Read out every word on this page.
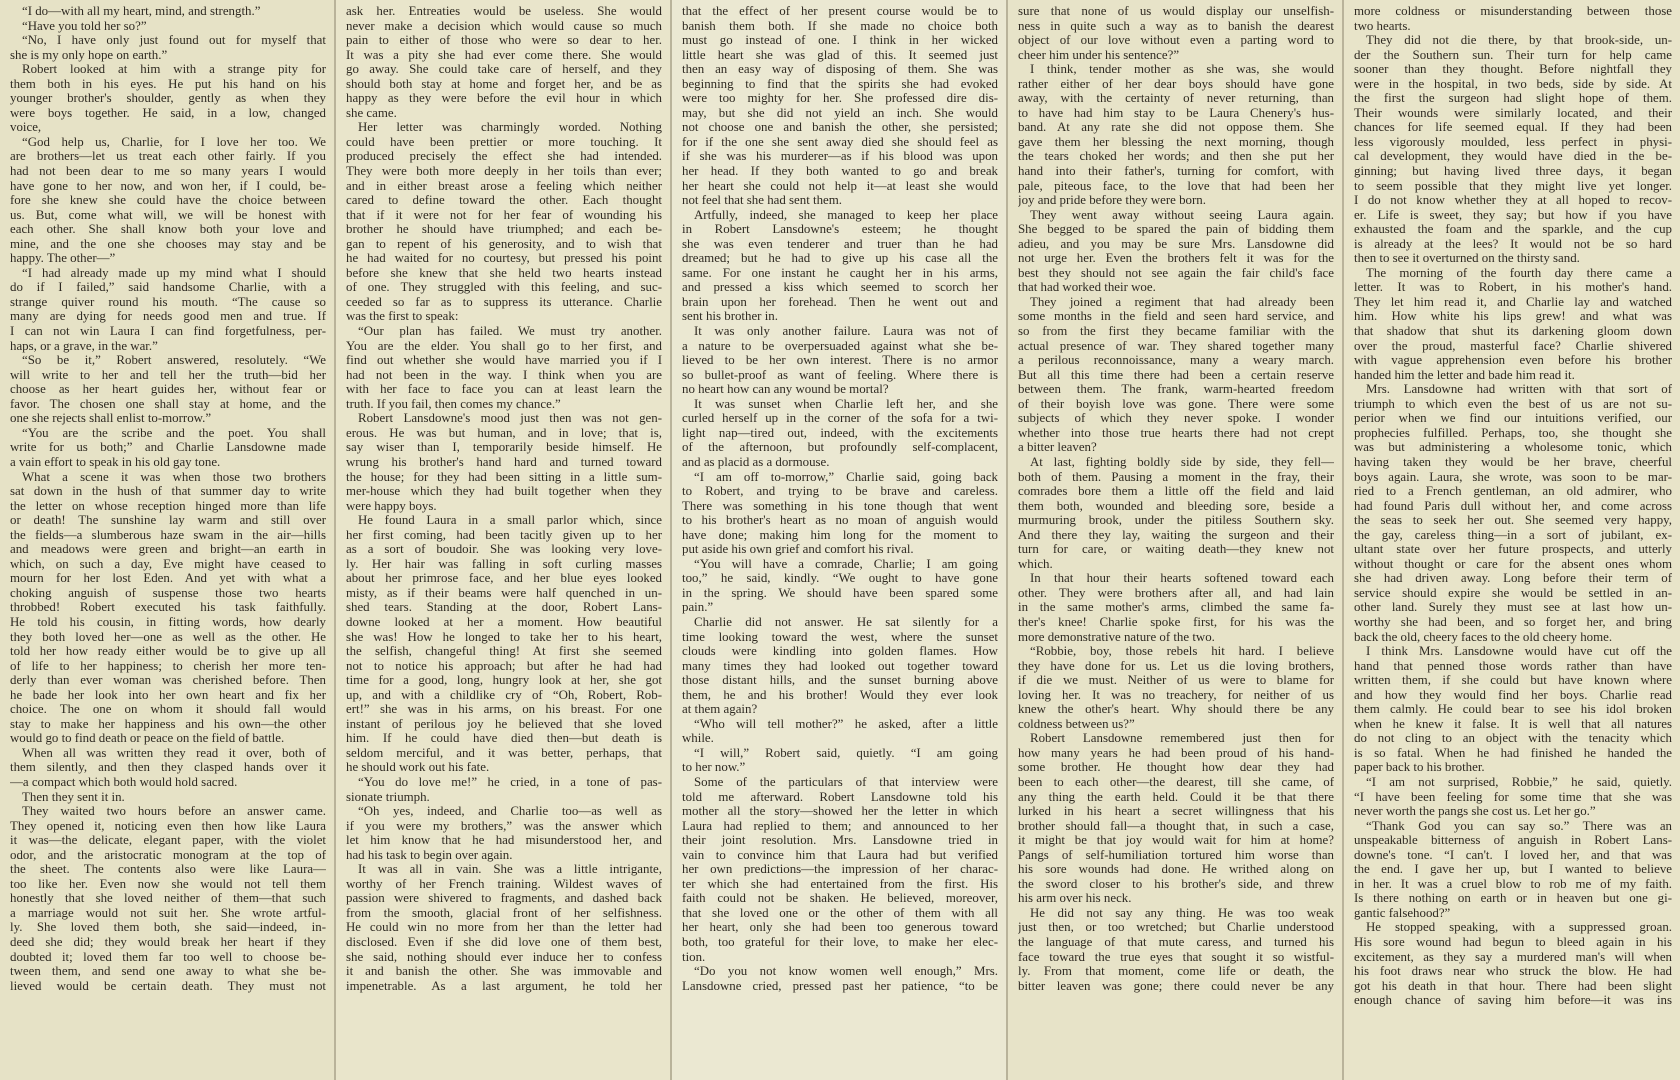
“I do—with all my heart, mind, and strength.”
“Have you told her so?”
“No, I have only just found out for myself that
she is my only hope on earth.”
Robert looked at him with a strange pity for
them both in his eyes. He put his hand on his
younger brother's shoulder, gently as when they
were boys together. He said, in a low, changed
voice,
“God help us, Charlie, for I love her too. We
are brothers—let us treat each other fairly. If you
had not been dear to me so many years I would
have gone to her now, and won her, if I could, be-
fore she knew she could have the choice between
us. But, come what will, we will be honest with
each other. She shall know both your love and
mine, and the one she chooses may stay and be
happy. The other—”
“I had already made up my mind what I should
do if I failed,” said handsome Charlie, with a
strange quiver round his mouth. “The cause so
many are dying for needs good men and true. If
I can not win Laura I can find forgetfulness, per-
haps, or a grave, in the war.”
“So be it,” Robert answered, resolutely. “We
will write to her and tell her the truth—bid her
choose as her heart guides her, without fear or
favor. The chosen one shall stay at home, and the
one she rejects shall enlist to-morrow.”
“You are the scribe and the poet. You shall
write for us both;” and Charlie Lansdowne made
a vain effort to speak in his old gay tone.
What a scene it was when those two brothers
sat down in the hush of that summer day to write
the letter on whose reception hinged more than life
or death! The sunshine lay warm and still over
the fields—a slumberous haze swam in the air—hills
and meadows were green and bright—an earth in
which, on such a day, Eve might have ceased to
mourn for her lost Eden. And yet with what a
choking anguish of suspense those two hearts
throbbed! Robert executed his task faithfully.
He told his cousin, in fitting words, how dearly
they both loved her—one as well as the other. He
told her how ready either would be to give up all
of life to her happiness; to cherish her more ten-
derly than ever woman was cherished before. Then
he bade her look into her own heart and fix her
choice. The one on whom it should fall would
stay to make her happiness and his own—the other
would go to find death or peace on the field of battle.
When all was written they read it over, both of
them silently, and then they clasped hands over it
—a compact which both would hold sacred.
Then they sent it in.
They waited two hours before an answer came.
They opened it, noticing even then how like Laura
it was—the delicate, elegant paper, with the violet
odor, and the aristocratic monogram at the top of
the sheet. The contents also were like Laura—
too like her. Even now she would not tell them
honestly that she loved neither of them—that such
a marriage would not suit her. She wrote artful-
ly. She loved them both, she said—indeed, in-
deed she did; they would break her heart if they
doubted it; loved them far too well to choose be-
tween them, and send one away to what she be-
lieved would be certain death. They must not
ask her. Entreaties would be useless. She would
never make a decision which would cause so much
pain to either of those who were so dear to her.
It was a pity she had ever come there. She would
go away. She could take care of herself, and they
should both stay at home and forget her, and be as
happy as they were before the evil hour in which
she came.
Her letter was charmingly worded. Nothing
could have been prettier or more touching. It
produced precisely the effect she had intended.
They were both more deeply in her toils than ever;
and in either breast arose a feeling which neither
cared to define toward the other. Each thought
that if it were not for her fear of wounding his
brother he should have triumphed; and each be-
gan to repent of his generosity, and to wish that
he had waited for no courtesy, but pressed his point
before she knew that she held two hearts instead
of one. They struggled with this feeling, and suc-
ceeded so far as to suppress its utterance. Charlie
was the first to speak:
“Our plan has failed. We must try another.
You are the elder. You shall go to her first, and
find out whether she would have married you if I
had not been in the way. I think when you are
with her face to face you can at least learn the
truth. If you fail, then comes my chance.”
Robert Lansdowne's mood just then was not gen-
erous. He was but human, and in love; that is,
say wiser than I, temporarily beside himself. He
wrung his brother's hand hard and turned toward
the house; for they had been sitting in a little sum-
mer-house which they had built together when they
were happy boys.
He found Laura in a small parlor which, since
her first coming, had been tacitly given up to her
as a sort of boudoir. She was looking very love-
ly. Her hair was falling in soft curling masses
about her primrose face, and her blue eyes looked
misty, as if their beams were half quenched in un-
shed tears. Standing at the door, Robert Lans-
downe looked at her a moment. How beautiful
she was! How he longed to take her to his heart,
the selfish, changeful thing! At first she seemed
not to notice his approach; but after he had had
time for a good, long, hungry look at her, she got
up, and with a childlike cry of “Oh, Robert, Rob-
ert!” she was in his arms, on his breast. For one
instant of perilous joy he believed that she loved
him. If he could have died then—but death is
seldom merciful, and it was better, perhaps, that
he should work out his fate.
“You do love me!” he cried, in a tone of pas-
sionate triumph.
“Oh yes, indeed, and Charlie too—as well as
if you were my brothers,” was the answer which
let him know that he had misunderstood her, and
had his task to begin over again.
It was all in vain. She was a little intrigante,
worthy of her French training. Wildest waves of
passion were shivered to fragments, and dashed back
from the smooth, glacial front of her selfishness.
He could win no more from her than the letter had
disclosed. Even if she did love one of them best,
she said, nothing should ever induce her to confess
it and banish the other. She was immovable and
impenetrable. As a last argument, he told her
that the effect of her present course would be to
banish them both. If she made no choice both
must go instead of one. I think in her wicked
little heart she was glad of this. It seemed just
then an easy way of disposing of them. She was
beginning to find that the spirits she had evoked
were too mighty for her. She professed dire dis-
may, but she did not yield an inch. She would
not choose one and banish the other, she persisted;
for if the one she sent away died she should feel as
if she was his murderer—as if his blood was upon
her head. If they both wanted to go and break
her heart she could not help it—at least she would
not feel that she had sent them.
Artfully, indeed, she managed to keep her place
in Robert Lansdowne's esteem; he thought
she was even tenderer and truer than he had
dreamed; but he had to give up his case all the
same. For one instant he caught her in his arms,
and pressed a kiss which seemed to scorch her
brain upon her forehead. Then he went out and
sent his brother in.
It was only another failure. Laura was not of
a nature to be overpersuaded against what she be-
lieved to be her own interest. There is no armor
so bullet-proof as want of feeling. Where there is
no heart how can any wound be mortal?
It was sunset when Charlie left her, and she
curled herself up in the corner of the sofa for a twi-
light nap—tired out, indeed, with the excitements
of the afternoon, but profoundly self-complacent,
and as placid as a dormouse.
“I am off to-morrow,” Charlie said, going back
to Robert, and trying to be brave and careless.
There was something in his tone though that went
to his brother's heart as no moan of anguish would
have done; making him long for the moment to
put aside his own grief and comfort his rival.
“You will have a comrade, Charlie; I am going
too,” he said, kindly. “We ought to have gone
in the spring. We should have been spared some
pain.”
Charlie did not answer. He sat silently for a
time looking toward the west, where the sunset
clouds were kindling into golden flames. How
many times they had looked out together toward
those distant hills, and the sunset burning above
them, he and his brother! Would they ever look
at them again?
“Who will tell mother?” he asked, after a little
while.
“I will,” Robert said, quietly. “I am going
to her now.”
Some of the particulars of that interview were
told me afterward. Robert Lansdowne told his
mother all the story—showed her the letter in which
Laura had replied to them; and announced to her
their joint resolution. Mrs. Lansdowne tried in
vain to convince him that Laura had but verified
her own predictions—the impression of her charac-
ter which she had entertained from the first. His
faith could not be shaken. He believed, moreover,
that she loved one or the other of them with all
her heart, only she had been too generous toward
both, too grateful for their love, to make her elec-
tion.
“Do you not know women well enough,” Mrs.
Lansdowne cried, pressed past her patience, “to be
sure that none of us would display our unselfish-
ness in quite such a way as to banish the dearest
object of our love without even a parting word to
cheer him under his sentence?”
I think, tender mother as she was, she would
rather either of her dear boys should have gone
away, with the certainty of never returning, than
to have had him stay to be Laura Chenery's hus-
band. At any rate she did not oppose them. She
gave them her blessing the next morning, though
the tears choked her words; and then she put her
hand into their father's, turning for comfort, with
pale, piteous face, to the love that had been her
joy and pride before they were born.
They went away without seeing Laura again.
She begged to be spared the pain of bidding them
adieu, and you may be sure Mrs. Lansdowne did
not urge her. Even the brothers felt it was for the
best they should not see again the fair child's face
that had worked their woe.
They joined a regiment that had already been
some months in the field and seen hard service, and
so from the first they became familiar with the
actual presence of war. They shared together many
a perilous reconnoissance, many a weary march.
But all this time there had been a certain reserve
between them. The frank, warm-hearted freedom
of their boyish love was gone. There were some
subjects of which they never spoke. I wonder
whether into those true hearts there had not crept
a bitter leaven?
At last, fighting boldly side by side, they fell—
both of them. Pausing a moment in the fray, their
comrades bore them a little off the field and laid
them both, wounded and bleeding sore, beside a
murmuring brook, under the pitiless Southern sky.
And there they lay, waiting the surgeon and their
turn for care, or waiting death—they knew not
which.
In that hour their hearts softened toward each
other. They were brothers after all, and had lain
in the same mother's arms, climbed the same fa-
ther's knee! Charlie spoke first, for his was the
more demonstrative nature of the two.
“Robbie, boy, those rebels hit hard. I believe
they have done for us. Let us die loving brothers,
if die we must. Neither of us were to blame for
loving her. It was no treachery, for neither of us
knew the other's heart. Why should there be any
coldness between us?”
Robert Lansdowne remembered just then for
how many years he had been proud of his hand-
some brother. He thought how dear they had
been to each other—the dearest, till she came, of
any thing the earth held. Could it be that there
lurked in his heart a secret willingness that his
brother should fall—a thought that, in such a case,
it might be that joy would wait for him at home?
Pangs of self-humiliation tortured him worse than
his sore wounds had done. He writhed along on
the sword closer to his brother's side, and threw
his arm over his neck.
He did not say any thing. He was too weak
just then, or too wretched; but Charlie understood
the language of that mute caress, and turned his
face toward the true eyes that sought it so wistful-
ly. From that moment, come life or death, the
bitter leaven was gone; there could never be any
more coldness or misunderstanding between those
two hearts.
They did not die there, by that brook-side, un-
der the Southern sun. Their turn for help came
sooner than they thought. Before nightfall they
were in the hospital, in two beds, side by side. At
the first the surgeon had slight hope of them.
Their wounds were similarly located, and their
chances for life seemed equal. If they had been
less vigorously moulded, less perfect in physi-
cal development, they would have died in the be-
ginning; but having lived three days, it began
to seem possible that they might live yet longer.
I do not know whether they at all hoped to recov-
er. Life is sweet, they say; but how if you have
exhausted the foam and the sparkle, and the cup
is already at the lees? It would not be so hard
then to see it overturned on the thirsty sand.
The morning of the fourth day there came a
letter. It was to Robert, in his mother's hand.
They let him read it, and Charlie lay and watched
him. How white his lips grew! and what was
that shadow that shut its darkening gloom down
over the proud, masterful face? Charlie shivered
with vague apprehension even before his brother
handed him the letter and bade him read it.
Mrs. Lansdowne had written with that sort of
triumph to which even the best of us are not su-
perior when we find our intuitions verified, our
prophecies fulfilled. Perhaps, too, she thought she
was but administering a wholesome tonic, which
having taken they would be her brave, cheerful
boys again. Laura, she wrote, was soon to be mar-
ried to a French gentleman, an old admirer, who
had found Paris dull without her, and come across
the seas to seek her out. She seemed very happy,
the gay, careless thing—in a sort of jubilant, ex-
ultant state over her future prospects, and utterly
without thought or care for the absent ones whom
she had driven away. Long before their term of
service should expire she would be settled in an-
other land. Surely they must see at last how un-
worthy she had been, and so forget her, and bring
back the old, cheery faces to the old cheery home.
I think Mrs. Lansdowne would have cut off the
hand that penned those words rather than have
written them, if she could but have known where
and how they would find her boys. Charlie read
them calmly. He could bear to see his idol broken
when he knew it false. It is well that all natures
do not cling to an object with the tenacity which
is so fatal. When he had finished he handed the
paper back to his brother.
“I am not surprised, Robbie,” he said, quietly.
“I have been feeling for some time that she was
never worth the pangs she cost us. Let her go.”
“Thank God you can say so.” There was an
unspeakable bitterness of anguish in Robert Lans-
downe's tone. “I can't. I loved her, and that was
the end. I gave her up, but I wanted to believe
in her. It was a cruel blow to rob me of my faith.
Is there nothing on earth or in heaven but one gi-
gantic falsehood?”
He stopped speaking, with a suppressed groan.
His sore wound had begun to bleed again in his
excitement, as they say a murdered man's will when
his foot draws near who struck the blow. He had
got his death in that hour. There had been slight
enough chance of saving him before—it was ins
